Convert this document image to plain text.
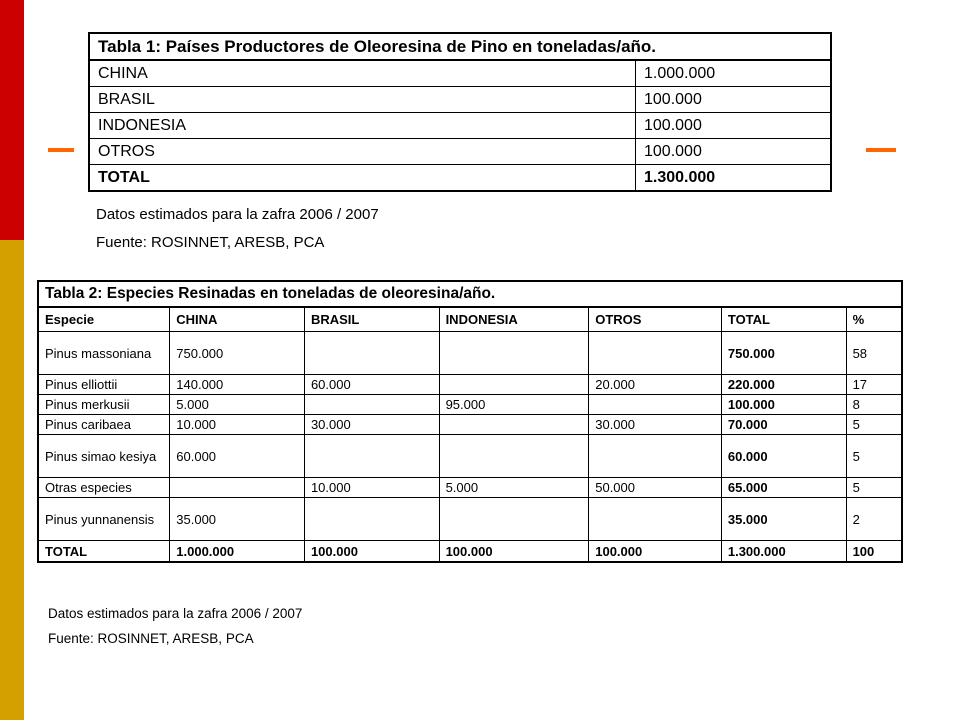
Tabla 1: Países Productores de Oleoresina de Pino en toneladas/año.	
CHINA	1.000.000
BRASIL	100.000
INDONESIA	100.000
OTROS	100.000
TOTAL	1.300.000
Datos estimados para la zafra 2006 / 2007
Fuente: ROSINNET, ARESB, PCA
Tabla 2: Especies Resinadas en toneladas de oleoresina/año.						
Especie	CHINA	BRASIL	INDONESIA	OTROS	TOTAL	%
Pinus massoniana	750.000				750.000	58
Pinus elliottii	140.000	60.000		20.000	220.000	17
Pinus merkusii	5.000		95.000		100.000	8
Pinus caribaea	10.000	30.000		30.000	70.000	5
Pinus simao kesiya	60.000				60.000	5
Otras especies		10.000	5.000	50.000	65.000	5
Pinus yunnanensis	35.000				35.000	2
TOTAL	1.000.000	100.000	100.000	100.000	1.300.000	100
Datos estimados para la zafra 2006 / 2007
Fuente: ROSINNET, ARESB, PCA
